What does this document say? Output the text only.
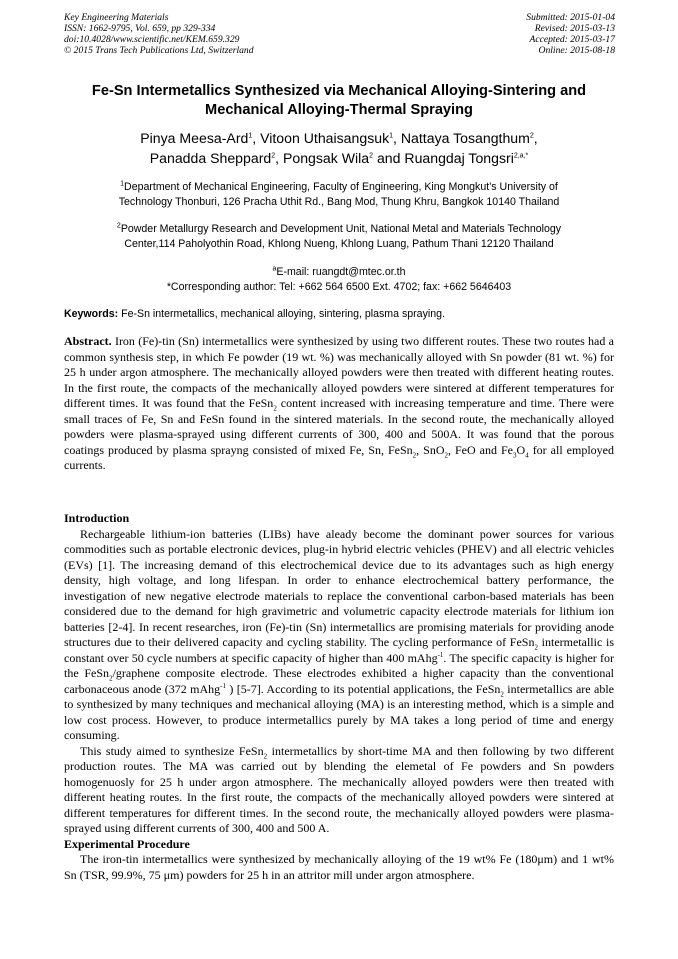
Key Engineering Materials
ISSN: 1662-9795, Vol. 659, pp 329-334
doi:10.4028/www.scientific.net/KEM.659.329
© 2015 Trans Tech Publications Ltd, Switzerland
Submitted: 2015-01-04
Revised: 2015-03-13
Accepted: 2015-03-17
Online: 2015-08-18
Fe-Sn Intermetallics Synthesized via Mechanical Alloying-Sintering and
Mechanical Alloying-Thermal Spraying
Pinya Meesa-Ard$^1$, Vitoon Uthaisangsuk$^1$, Nattaya Tosangthum$^2$,
Panadda Sheppard$^2$, Pongsak Wila$^2$ and Ruangdaj Tongsri$^{2,a,*}$
$^1$Department of Mechanical Engineering, Faculty of Engineering, King Mongkut’s University of
Technology Thonburi, 126 Pracha Uthit Rd., Bang Mod, Thung Khru, Bangkok 10140 Thailand
$^2$Powder Metallurgy Research and Development Unit, National Metal and Materials Technology
Center,114 Paholyothin Road, Khlong Nueng, Khlong Luang, Pathum Thani 12120 Thailand
$^a$E-mail: ruangdt@mtec.or.th
*Corresponding author: Tel: +662 564 6500 Ext. 4702; fax: +662 5646403
Keywords: Fe-Sn intermetallics, mechanical alloying, sintering, plasma spraying.

Abstract. Iron (Fe)-tin (Sn) intermetallics were synthesized by using two different routes. These two routes had a common synthesis step, in which Fe powder (19 wt. %) was mechanically alloyed with Sn powder (81 wt. %) for 25 h under argon atmosphere. The mechanically alloyed powders were then treated with different heating routes. In the first route, the compacts of the mechanically alloyed powders were sintered at different temperatures for different times. It was found that the FeSn$_2$ content increased with increasing temperature and time. There were small traces of Fe, Sn and FeSn found in the sintered materials. In the second route, the mechanically alloyed powders were plasma-sprayed using different currents of 300, 400 and 500A. It was found that the porous coatings produced by plasma sprayng consisted of mixed Fe, Sn, FeSn$_2$, SnO$_2$, FeO and $Fe_3O_4$ for all employed currents.

Introduction

Rechargeable lithium-ion batteries (LIBs) have aleady become the dominant power sources for various commodities such as portable electronic devices, plug-in hybrid electric vehicles (PHEV) and all electric vehicles (EVs) [1]. The increasing demand of this electrochemical device due to its advantages such as high energy density, high voltage, and long lifespan. In order to enhance electrochemical battery performance, the investigation of new negative electrode materials to replace the conventional carbon-based materials has been considered due to the demand for high gravimetric and volumetric capacity electrode materials for lithium ion batteries [2-4]. In recent researches, iron (Fe)-tin (Sn) intermetallics are promising materials for providing anode structures due to their delivered capacity and cycling stability. The cycling performance of FeSn$_2$ intermetallic is constant over 50 cycle numbers at specific capacity of higher than 400 mAhg$^{-1}$. The specific capacity is higher for the FeSn$_2$/graphene composite electrode. These electrodes exhibited a higher capacity than the conventional carbonaceous anode (372 mAhg$^{-1}$ ) [5-7]. According to its potential applications, the FeSn$_2$ intermetallics are able to synthesized by many techniques and mechanical alloying (MA) is an interesting method, which is a simple and low cost process. However, to produce intermetallics purely by MA takes a long period of time and energy consuming.

This study aimed to synthesize FeSn$_2$ intermetallics by short-time MA and then following by two different production routes. The MA was carried out by blending the elemetal of Fe powders and Sn powders homogenuosly for 25 h under argon atmosphere. The mechanically alloyed powders were then treated with different heating routes. In the first route, the compacts of the mechanically alloyed powders were sintered at different temperatures for different times. In the second route, the mechanically alloyed powders were plasma-sprayed using different currents of 300, 400 and 500 A.

Experimental Procedure

The iron-tin intermetallics were synthesized by mechanically alloying of the 19 wt% Fe (180μm) and 1 wt% Sn (TSR, 99.9%, 75 μm) powders for 25 h in an attritor mill under argon atmosphere.
